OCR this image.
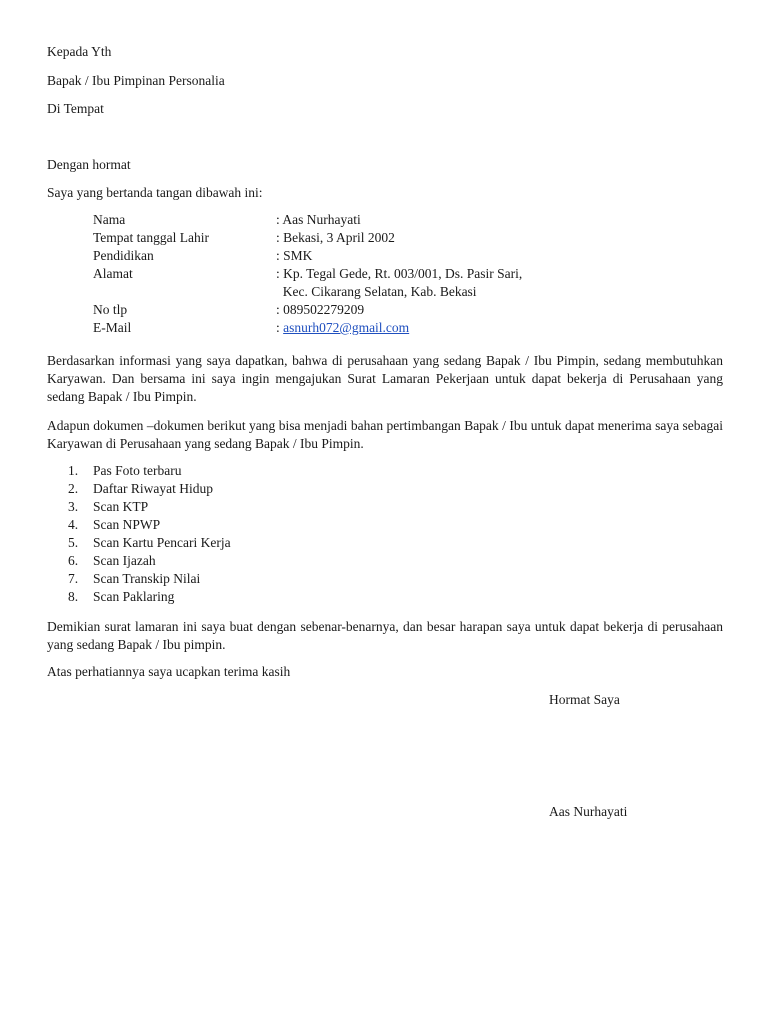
Kepada Yth
Bapak / Ibu Pimpinan Personalia
Di Tempat
Dengan hormat
Saya yang bertanda tangan dibawah ini:
Nama	: Aas Nurhayati
Tempat tanggal Lahir	: Bekasi, 3 April 2002
Pendidikan	: SMK
Alamat	: Kp. Tegal Gede, Rt. 003/001, Ds. Pasir Sari,
Kec. Cikarang Selatan, Kab. Bekasi
No tlp	: 089502279209
E-Mail	: asnurh072@gmail.com

Berdasarkan informasi yang saya dapatkan, bahwa di perusahaan yang sedang Bapak / Ibu Pimpin, sedang membutuhkan Karyawan. Dan bersama ini saya ingin mengajukan Surat Lamaran Pekerjaan untuk dapat bekerja di Perusahaan yang sedang Bapak / Ibu Pimpin.

Adapun dokumen –dokumen berikut yang bisa menjadi bahan pertimbangan Bapak / Ibu untuk dapat menerima saya sebagai Karyawan di Perusahaan yang sedang Bapak / Ibu Pimpin.

1.	Pas Foto terbaru
2.	Daftar Riwayat Hidup
3.	Scan KTP
4.	Scan NPWP
5.	Scan Kartu Pencari Kerja
6.	Scan Ijazah
7.	Scan Transkip Nilai
8.	Scan Paklaring

Demikian surat lamaran ini saya buat dengan sebenar-benarnya, dan besar harapan saya untuk dapat bekerja di perusahaan yang sedang Bapak / Ibu pimpin.

Atas perhatiannya saya ucapkan terima kasih
Hormat Saya
Aas Nurhayati
